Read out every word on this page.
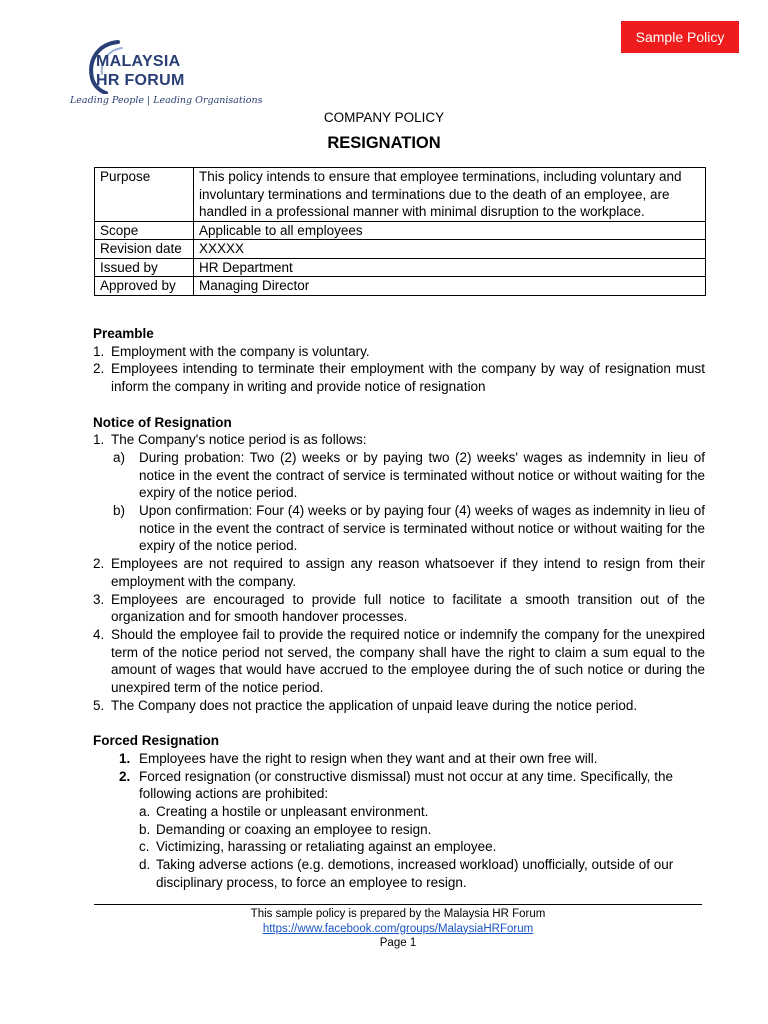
Sample Policy
MALAYSIA
HR FORUM
Leading People | Leading Organisations
COMPANY POLICY
RESIGNATION
Purpose	This policy intends to ensure that employee terminations, including voluntary and involuntary terminations and terminations due to the death of an employee, are handled in a professional manner with minimal disruption to the workplace.
Scope	Applicable to all employees
Revision date	XXXXX
Issued by	HR Department
Approved by	Managing Director

Preamble

1. Employment with the company is voluntary.
2. Employees intending to terminate their employment with the company by way of resignation must inform the company in writing and provide notice of resignation

Notice of Resignation

1. The Company's notice period is as follows:
a)	During probation: Two (2) weeks or by paying two (2) weeks' wages as indemnity in lieu of notice in the event the contract of service is terminated without notice or without waiting for the expiry of the notice period.
b)	Upon confirmation: Four (4) weeks or by paying four (4) weeks of wages as indemnity in lieu of notice in the event the contract of service is terminated without notice or without waiting for the expiry of the notice period.
2. Employees are not required to assign any reason whatsoever if they intend to resign from their employment with the company.
3. Employees are encouraged to provide full notice to facilitate a smooth transition out of the organization and for smooth handover processes.
4. Should the employee fail to provide the required notice or indemnify the company for the unexpired term of the notice period not served, the company shall have the right to claim a sum equal to the amount of wages that would have accrued to the employee during the of such notice or during the unexpired term of the notice period.
5. The Company does not practice the application of unpaid leave during the notice period.

Forced Resignation

1. Employees have the right to resign when they want and at their own free will.
2. Forced resignation (or constructive dismissal) must not occur at any time. Specifically, the following actions are prohibited:
a. Creating a hostile or unpleasant environment.
b. Demanding or coaxing an employee to resign.
c. Victimizing, harassing or retaliating against an employee.
d. Taking adverse actions (e.g. demotions, increased workload) unofficially, outside of our disciplinary process, to force an employee to resign.
This sample policy is prepared by the Malaysia HR Forum
https://www.facebook.com/groups/MalaysiaHRForum
Page 1
